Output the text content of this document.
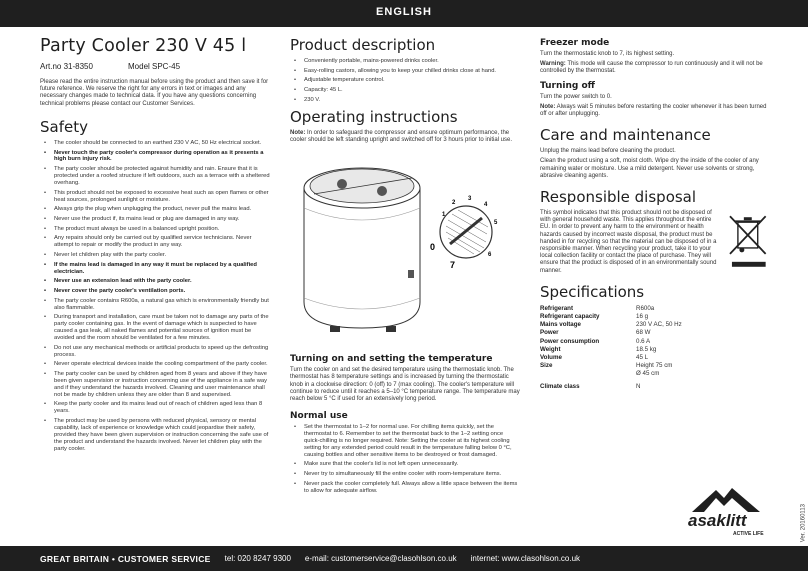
ENGLISH
Party Cooler 230 V 45 l
Art.no 31-8350	Model SPC-45

Please read the entire instruction manual before using the product and then save it for future reference. We reserve the right for any errors in text or images and any necessary changes made to technical data. If you have any questions concerning technical problems please contact our Customer Services.

Safety
• The cooler should be connected to an earthed 230 V AC, 50 Hz electrical socket.
• Never touch the party cooler's compressor during operation as it presents a high burn injury risk.
• The party cooler should be protected against humidity and rain. Ensure that it is protected under a roofed structure if left outdoors, such as a terrace with a sheltered overhang.
• This product should not be exposed to excessive heat such as open flames or other heat sources, prolonged sunlight or moisture.
• Always grip the plug when unplugging the product, never pull the mains lead.
• Never use the product if, its mains lead or plug are damaged in any way.
• The product must always be used in a balanced upright position.
• Any repairs should only be carried out by qualified service technicians. Never attempt to repair or modify the product in any way.
• Never let children play with the party cooler.
• If the mains lead is damaged in any way it must be replaced by a qualified electrician.
• Never use an extension lead with the party cooler.
• Never cover the party cooler's ventilation ports.
• The party cooler contains R600a, a natural gas which is environmentally friendly but also flammable.
• During transport and installation, care must be taken not to damage any parts of the party cooler containing gas. In the event of damage which is suspected to have caused a gas leak, all naked flames and potential sources of ignition must be avoided and the room should be ventilated for a few minutes.
• Do not use any mechanical methods or artificial products to speed up the defrosting process.
• Never operate electrical devices inside the cooling compartment of the party cooler.
• The party cooler can be used by children aged from 8 years and above if they have been given supervision or instruction concerning use of the appliance in a safe way and if they understand the hazards involved. Cleaning and user maintenance shall not be made by children unless they are older than 8 and supervised.
• Keep the party cooler and its mains lead out of reach of children aged less than 8 years.
• The product may be used by persons with reduced physical, sensory or mental capability, lack of experience or knowledge which could jeopardise their safety, provided they have been given supervision or instruction concerning the safe use of the product and understand the hazards involved. Never let children play with the party cooler.
Product description
• Conveniently portable, mains-powered drinks cooler.
• Easy-rolling castors, allowing you to keep your chilled drinks close at hand.
• Adjustable temperature control.
• Capacity: 45 L.
• 230 V.
Operating instructions

Note: In order to safeguard the compressor and ensure optimum performance, the cooler should be left standing upright and switched off for 3 hours prior to initial use.

0
1
2
3
4
5
6
7
Turning on and setting the temperature

Turn the cooler on and set the desired temperature using the thermostatic knob. The thermostat has 8 temperature settings and is increased by turning the thermostatic knob in a clockwise direction: 0 (off) to 7 (max cooling). The cooler's temperature will continue to reduce until it reaches a 5–10 °C temperature range. The temperature may reach below 5 °C if used for an extensively long period.

Normal use
• Set the thermostat to 1–2 for normal use. For chilling items quickly, set the thermostat to 6. Remember to set the thermostat back to the 1–2 setting once quick-chilling is no longer required. Note: Setting the cooler at its highest cooling setting for any extended period could result in the temperature falling below 0 °C, causing bottles and other sensitive items to be destroyed or frost damaged.
• Make sure that the cooler's lid is not left open unnecessarily.
• Never try to simultaneously fill the entire cooler with room-temperature items.
• Never pack the cooler completely full. Always allow a little space between the items to allow for adequate airflow.
Freezer mode

Turn the thermostatic knob to 7, its highest setting.

Warning: This mode will cause the compressor to run continuously and it will not be controlled by the thermostat.

Turning off

Turn the power switch to 0.

Note: Always wait 5 minutes before restarting the cooler whenever it has been turned off or after unplugging.

Care and maintenance

Unplug the mains lead before cleaning the product.

Clean the product using a soft, moist cloth. Wipe dry the inside of the cooler of any remaining water or moisture. Use a mild detergent. Never use solvents or strong, abrasive cleaning agents.

Responsible disposal

This symbol indicates that this product should not be disposed of with general household waste. This applies throughout the entire EU. In order to prevent any harm to the environment or health hazards caused by incorrect waste disposal, the product must be handed in for recycling so that the material can be disposed of in a responsible manner. When recycling your product, take it to your local collection facility or contact the place of purchase. They will ensure that the product is disposed of in an environmentally sound manner.

Specifications
Refrigerant	R600a
Refrigerant capacity	16 g
Mains voltage	230 V AC, 50 Hz
Power	68 W
Power consumption	0.6 A
Weight	18.5 kg
Volume	45 L
Size	Height 75 cm
	Ø 45 cm
Climate class	N
asaklitt
ACTIVE LIFE	Ver. 20160113
GREAT BRITAIN • CUSTOMER SERVICE tel: 020 8247 9300 e-mail: customerservice@clasohlson.co.uk internet: www.clasohlson.co.uk
